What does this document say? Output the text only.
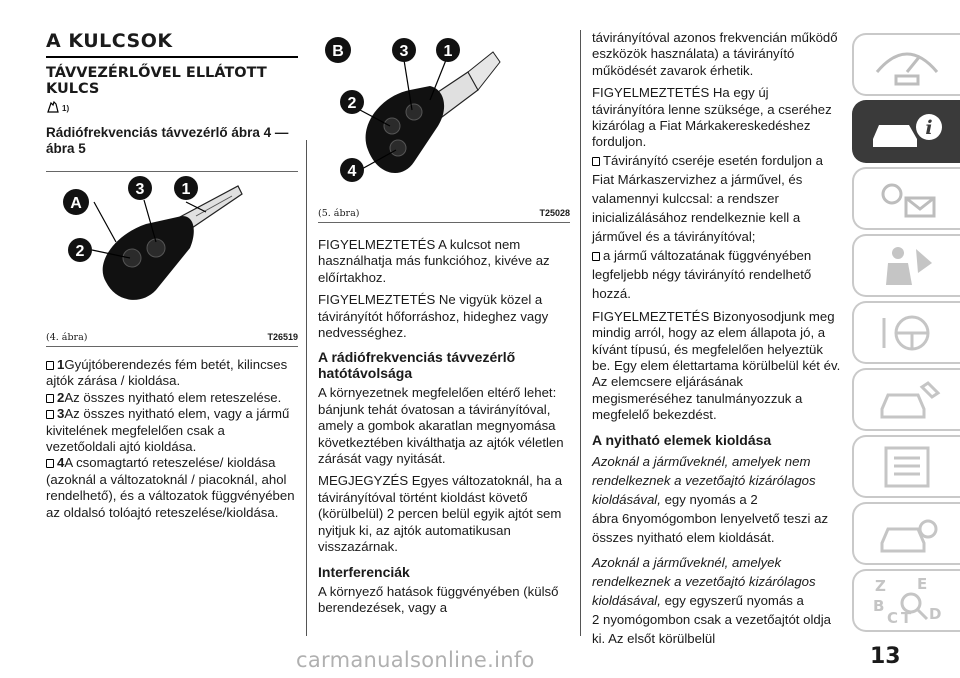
A KULCSOK
TÁVVEZÉRLŐVEL ELLÁTOTT KULCS
1)
Rádiófrekvenciás távvezérlő ábra 4 — ábra 5
A
3 1
2
(4. ábra)	T26519

1Gyújtóberendezés fém betét, kilincses ajtók zárása / kioldása.

2Az összes nyitható elem reteszelése.

3Az összes nyitható elem, vagy a jármű kivitelének megfelelően csak a vezetőoldali ajtó kioldása.

4A csomagtartó reteszelése/ kioldása (azoknál a változatoknál / piacoknál, ahol rendelhető), és a változatok függvényében az oldalsó tolóajtó reteszelése/kioldása.

B	3 1
2
4
(5. ábra)	T25028

FIGYELMEZTETÉS A kulcsot nem használhatja más funkcióhoz, kivéve az előírtakhoz.

FIGYELMEZTETÉS Ne vigyük közel a távirányítót hőforráshoz, hideghez vagy nedvességhez.

A rádiófrekvenciás távvezérlő hatótávolsága

A környezetnek megfelelően eltérő lehet: bánjunk tehát óvatosan a távirányítóval, amely a gombok akaratlan megnyomása következtében kiválthatja az ajtók véletlen zárását vagy nyitását.

MEGJEGYZÉS Egyes változatoknál, ha a távirányítóval történt kioldást követő (körülbelül) 2 percen belül egyik ajtót sem nyitjuk ki, az ajtók automatikusan visszazárnak.

Interferenciák

A környező hatások függvényében (külső berendezések, vagy a

távirányítóval azonos frekvencián működő eszközök használata) a távirányító működését zavarok érhetik.

FIGYELMEZTETÉS Ha egy új távirányítóra lenne szüksége, a cseréhez kizárólag a Fiat Márkakereskedéshez forduljon.

Távirányító cseréje esetén forduljon a Fiat Márkaszervizhez a járművel, és valamennyi kulccsal: a rendszer inicializálásához rendelkeznie kell a járművel és a távirányítóval;

a jármű változatának függvényében legfeljebb négy távirányító rendelhető hozzá.

FIGYELMEZTETÉS Bizonyosodjunk meg mindig arról, hogy az elem állapota jó, a kívánt típusú, és megfelelően helyeztük be. Egy elem élettartama körülbelül két év. Az elemcsere eljárásának megismeréséhez tanulmányozzuk a megfelelő bekezdést.

A nyitható elemek kioldása

Azoknál a járműveknél, amelyek nem rendelkeznek a vezetőajtó kizárólagos kioldásával, egy nyomás a 2

ábra 6nyomógombon lenyelvető teszi az összes nyitható elem kioldását.

Azoknál a járműveknél, amelyek rendelkeznek a vezetőajtó kizárólagos kioldásával, egy egyszerű nyomás a

2 nyomógombon csak a vezetőajtót oldja ki. Az elsőt körülbelül

i
Z E
B
C T D
13
carmanualsonline.info
